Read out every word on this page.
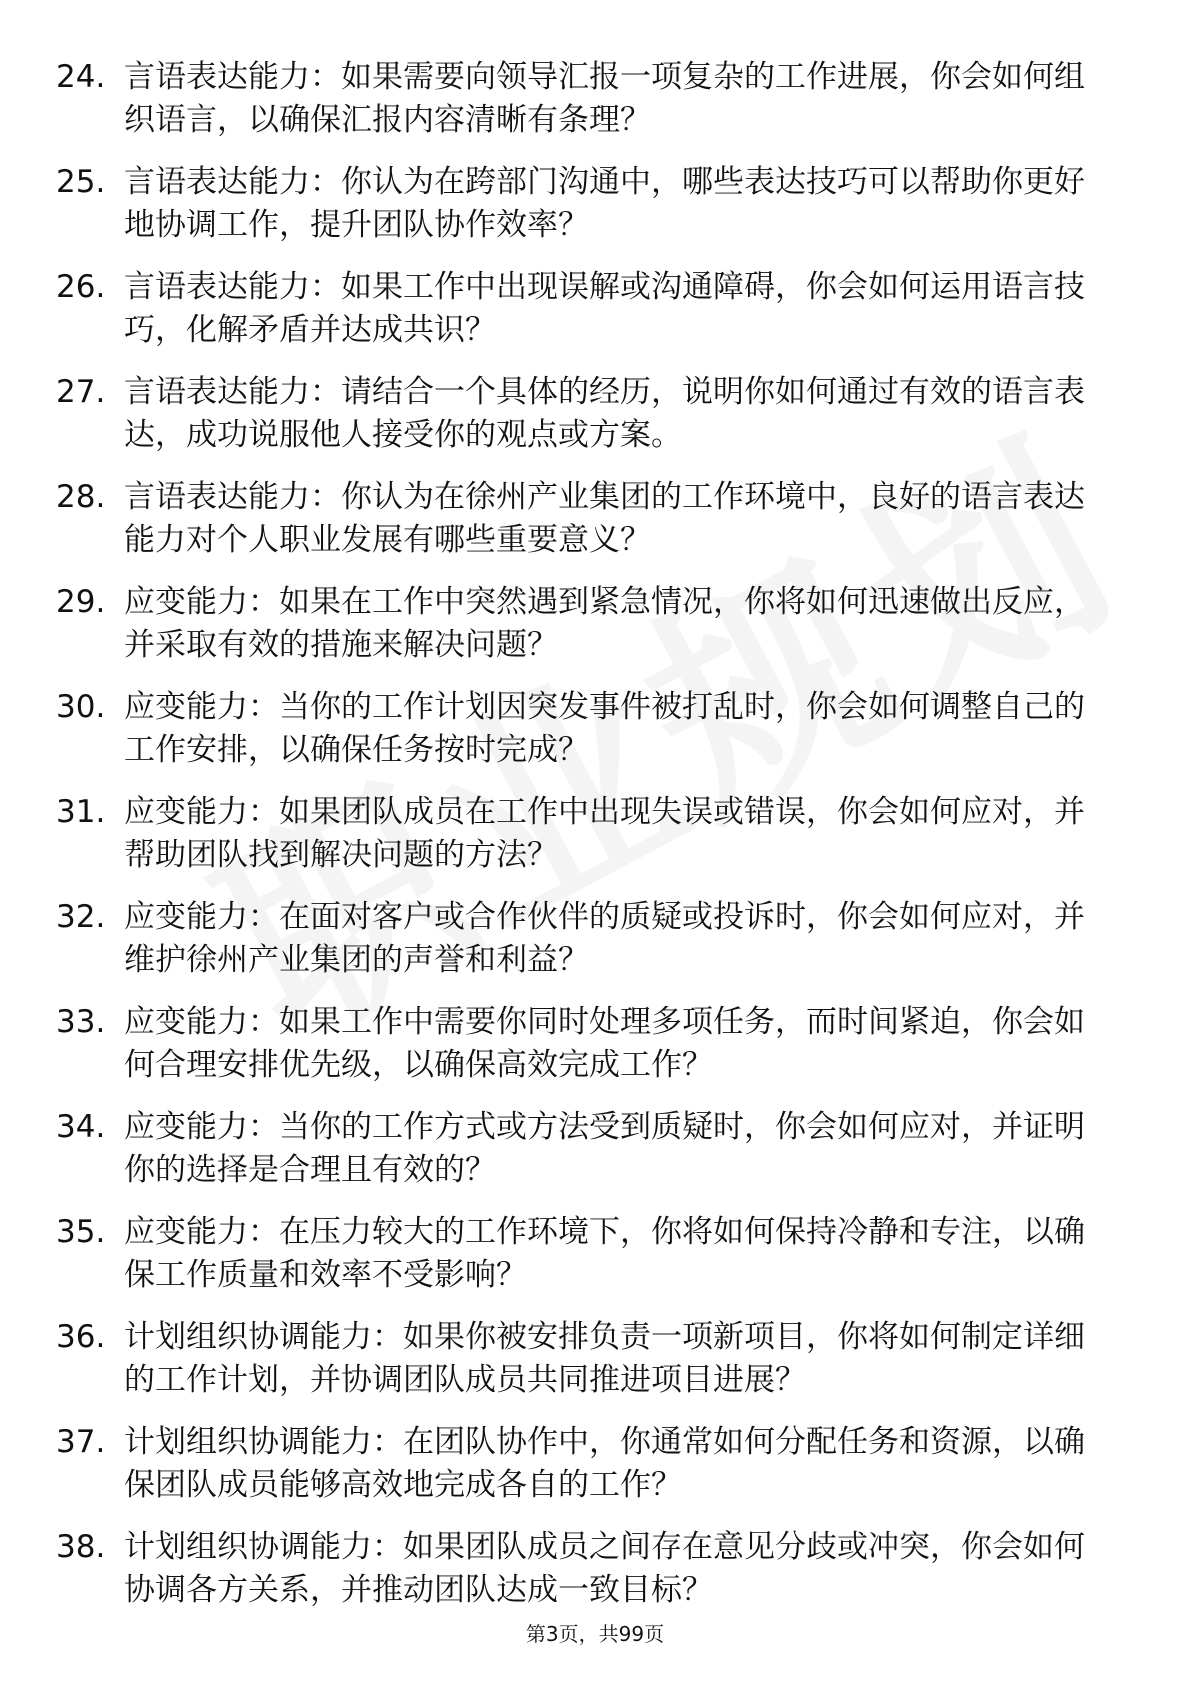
24. 言语表达能力：如果需要向领导汇报一项复杂的工作进展，你会如何组织语言，以确保汇报内容清晰有条理？
25. 言语表达能力：你认为在跨部门沟通中，哪些表达技巧可以帮助你更好地协调工作，提升团队协作效率？
26. 言语表达能力：如果工作中出现误解或沟通障碍，你会如何运用语言技巧，化解矛盾并达成共识？
27. 言语表达能力：请结合一个具体的经历，说明你如何通过有效的语言表达，成功说服他人接受你的观点或方案。
28. 言语表达能力：你认为在徐州产业集团的工作环境中，良好的语言表达能力对个人职业发展有哪些重要意义？
29. 应变能力：如果在工作中突然遇到紧急情况，你将如何迅速做出反应，并采取有效的措施来解决问题？
30. 应变能力：当你的工作计划因突发事件被打乱时，你会如何调整自己的工作安排，以确保任务按时完成？
31. 应变能力：如果团队成员在工作中出现失误或错误，你会如何应对，并帮助团队找到解决问题的方法？
32. 应变能力：在面对客户或合作伙伴的质疑或投诉时，你会如何应对，并维护徐州产业集团的声誉和利益？
33. 应变能力：如果工作中需要你同时处理多项任务，而时间紧迫，你会如何合理安排优先级，以确保高效完成工作？
34. 应变能力：当你的工作方式或方法受到质疑时，你会如何应对，并证明你的选择是合理且有效的？
35. 应变能力：在压力较大的工作环境下，你将如何保持冷静和专注，以确保工作质量和效率不受影响？
36. 计划组织协调能力：如果你被安排负责一项新项目，你将如何制定详细的工作计划，并协调团队成员共同推进项目进展？
37. 计划组织协调能力：在团队协作中，你通常如何分配任务和资源，以确保团队成员能够高效地完成各自的工作？
38. 计划组织协调能力：如果团队成员之间存在意见分歧或冲突，你会如何协调各方关系，并推动团队达成一致目标？
第3页，共99页
